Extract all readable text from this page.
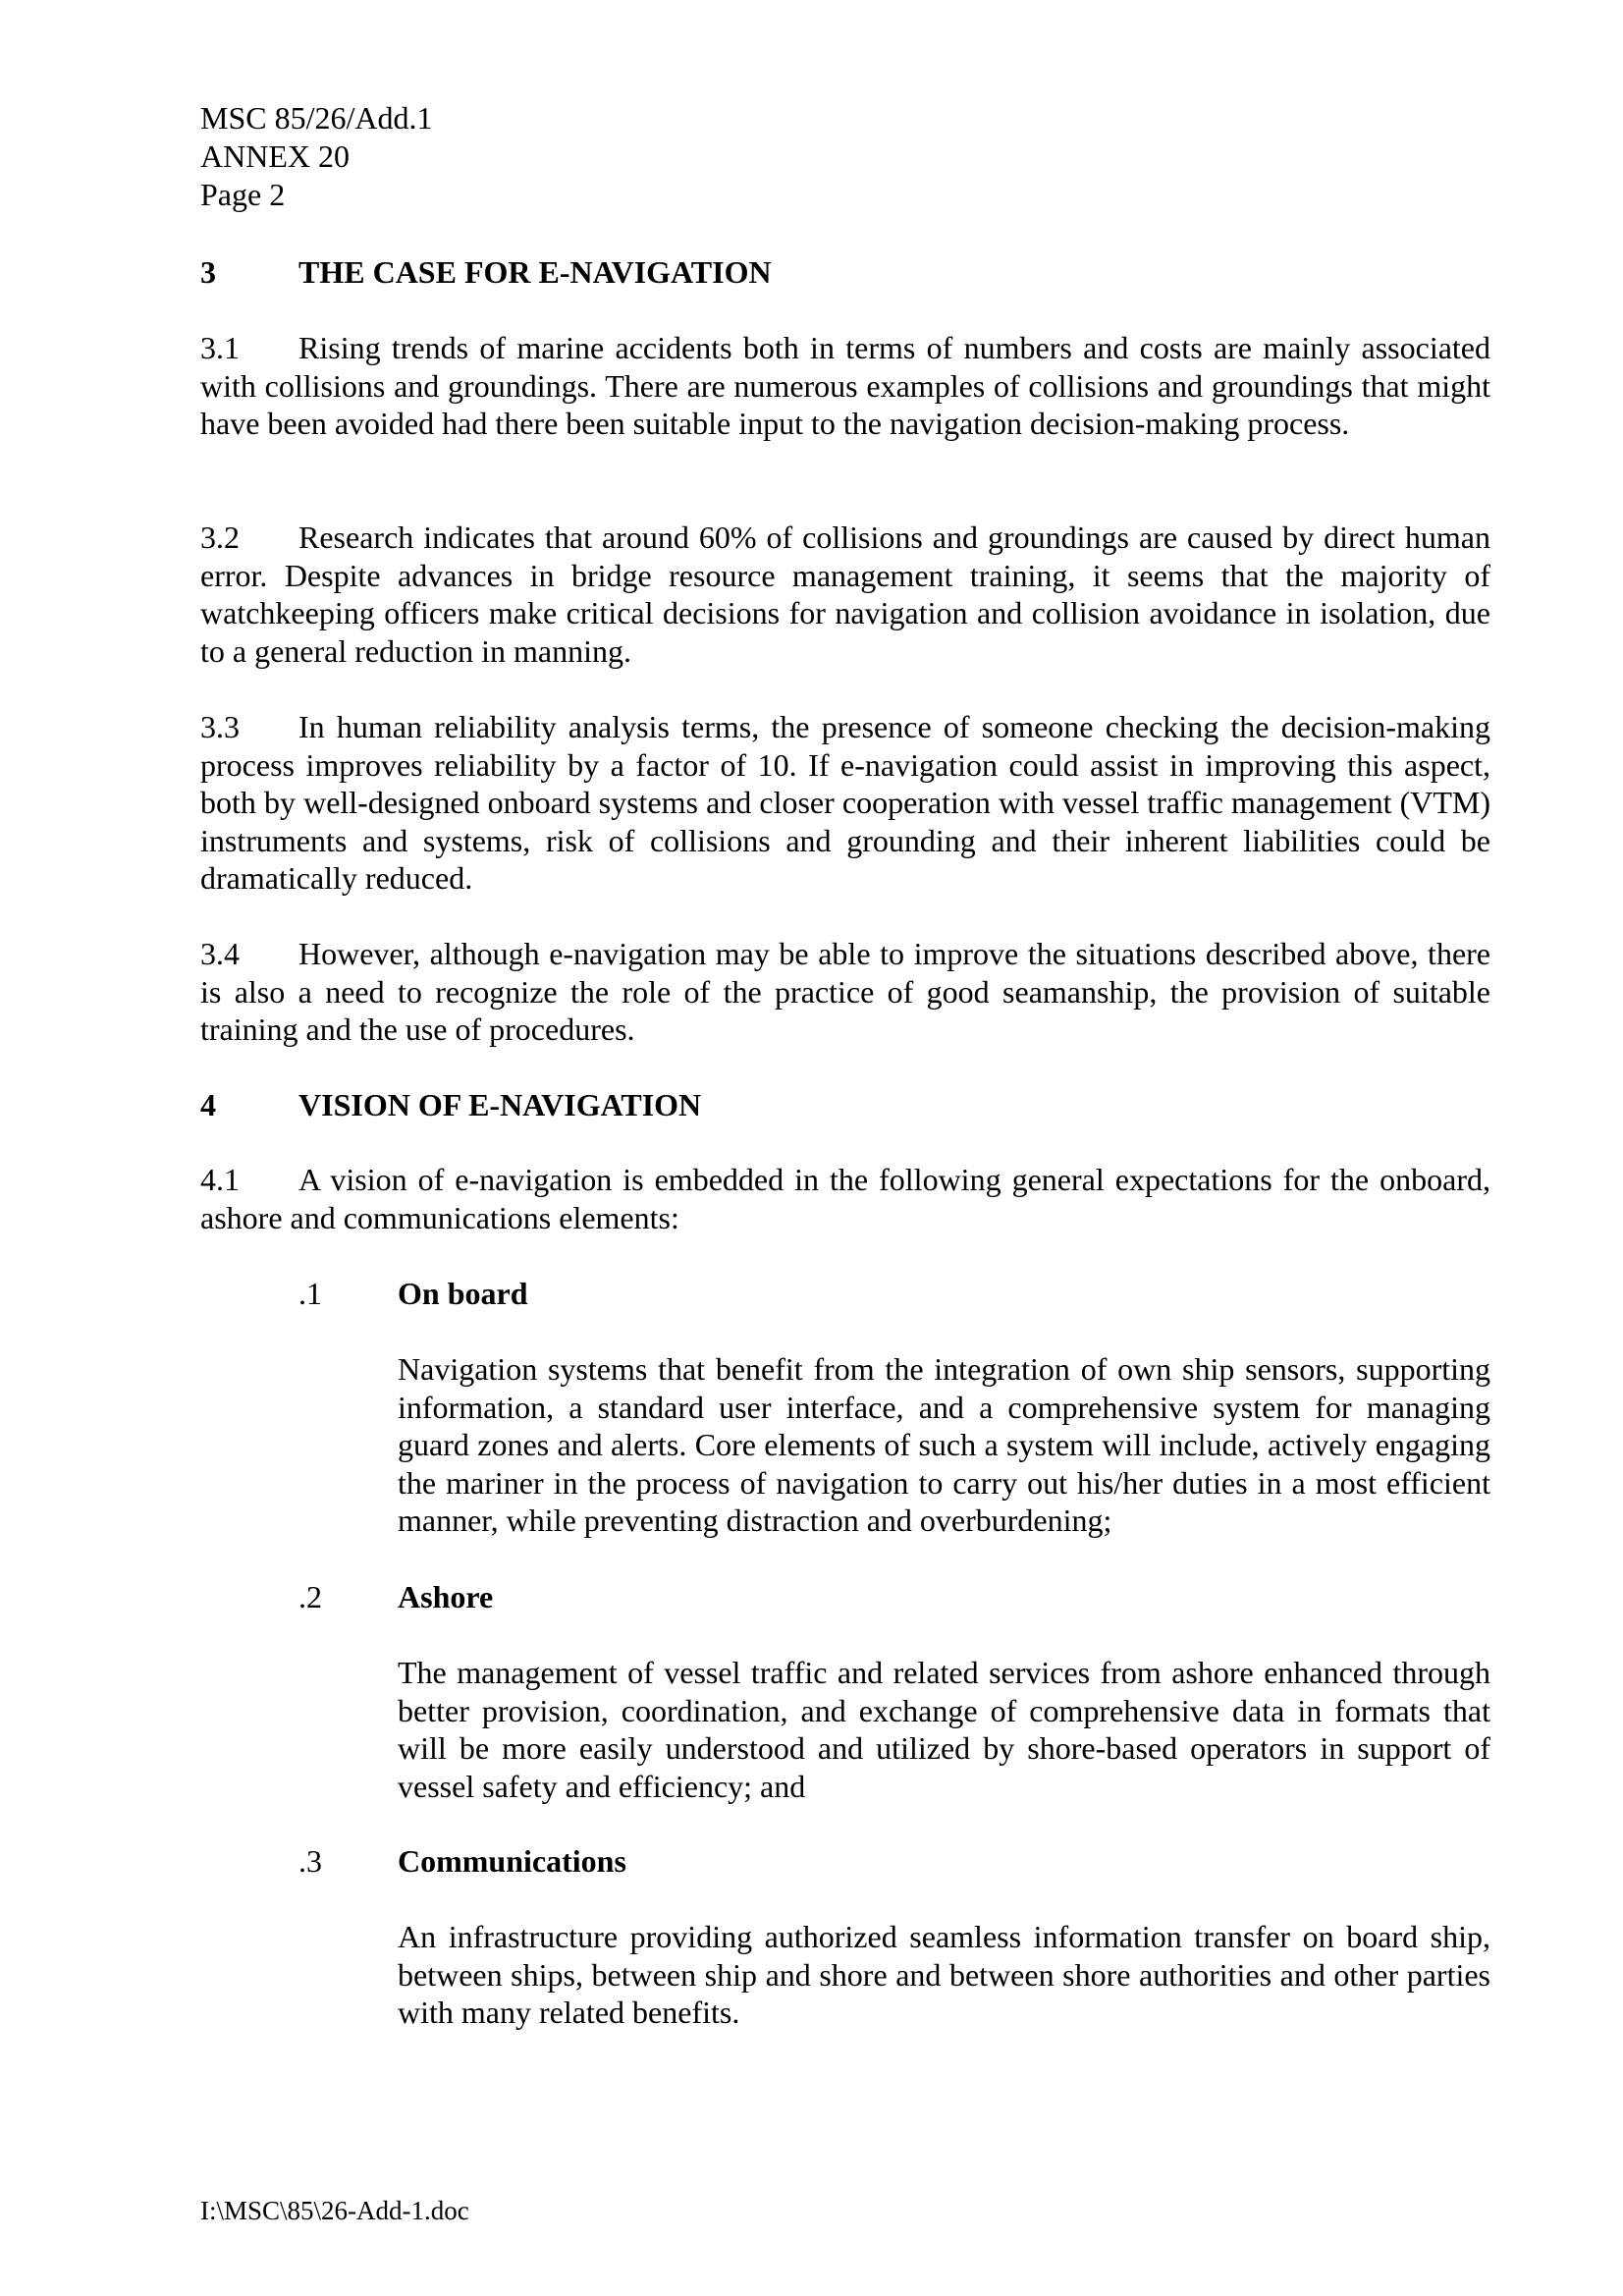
MSC 85/26/Add.1
ANNEX 20
Page 2
3	THE CASE FOR E-NAVIGATION
3.1 Rising trends of marine accidents both in terms of numbers and costs are mainly associated with collisions and groundings. There are numerous examples of collisions and groundings that might have been avoided had there been suitable input to the navigation decision-making process.
3.2 Research indicates that around 60% of collisions and groundings are caused by direct human error. Despite advances in bridge resource management training, it seems that the majority of watchkeeping officers make critical decisions for navigation and collision avoidance in isolation, due to a general reduction in manning.
3.3 In human reliability analysis terms, the presence of someone checking the decision-making process improves reliability by a factor of 10. If e-navigation could assist in improving this aspect, both by well-designed onboard systems and closer cooperation with vessel traffic management (VTM) instruments and systems, risk of collisions and grounding and their inherent liabilities could be dramatically reduced.
3.4 However, although e-navigation may be able to improve the situations described above, there is also a need to recognize the role of the practice of good seamanship, the provision of suitable training and the use of procedures.
4	VISION OF E-NAVIGATION
4.1 A vision of e-navigation is embedded in the following general expectations for the onboard, ashore and communications elements:
.1 On board
Navigation systems that benefit from the integration of own ship sensors, supporting information, a standard user interface, and a comprehensive system for managing guard zones and alerts. Core elements of such a system will include, actively engaging the mariner in the process of navigation to carry out his/her duties in a most efficient manner, while preventing distraction and overburdening;
.2 Ashore
The management of vessel traffic and related services from ashore enhanced through better provision, coordination, and exchange of comprehensive data in formats that will be more easily understood and utilized by shore-based operators in support of vessel safety and efficiency; and
.3 Communications
An infrastructure providing authorized seamless information transfer on board ship, between ships, between ship and shore and between shore authorities and other parties with many related benefits.
I:\MSC\85\26-Add-1.doc
